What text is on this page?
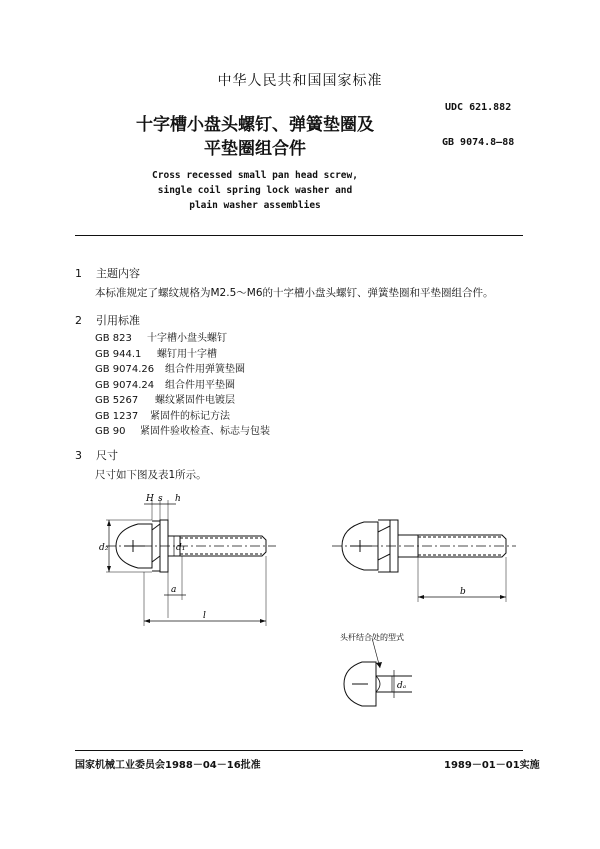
中华人民共和国国家标准
十字槽小盘头螺钉、弹簧垫圈及
平垫圈组合件
Cross recessed small pan head screw,
single coil spring lock washer and
plain washer assemblies
UDC 621.882
GB 9074.8—88
1 主题内容
本标准规定了螺纹规格为M2.5～M6的十字槽小盘头螺钉、弹簧垫圈和平垫圈组合件。
2 引用标准
GB 823 十字槽小盘头螺钉
GB 944.1 螺钉用十字槽
GB 9074.26 组合件用弹簧垫圈
GB 9074.24 组合件用平垫圈
GB 5267 螺纹紧固件电镀层
GB 1237 紧固件的标记方法
GB 90 紧固件验收检查、标志与包装
3 尺寸
尺寸如下图及表1所示。
H s h
d₂	d₁
a
l
b
dₐ
头杆结合处的型式
国家机械工业委员会1988－04－16批准	1989－01－01实施
